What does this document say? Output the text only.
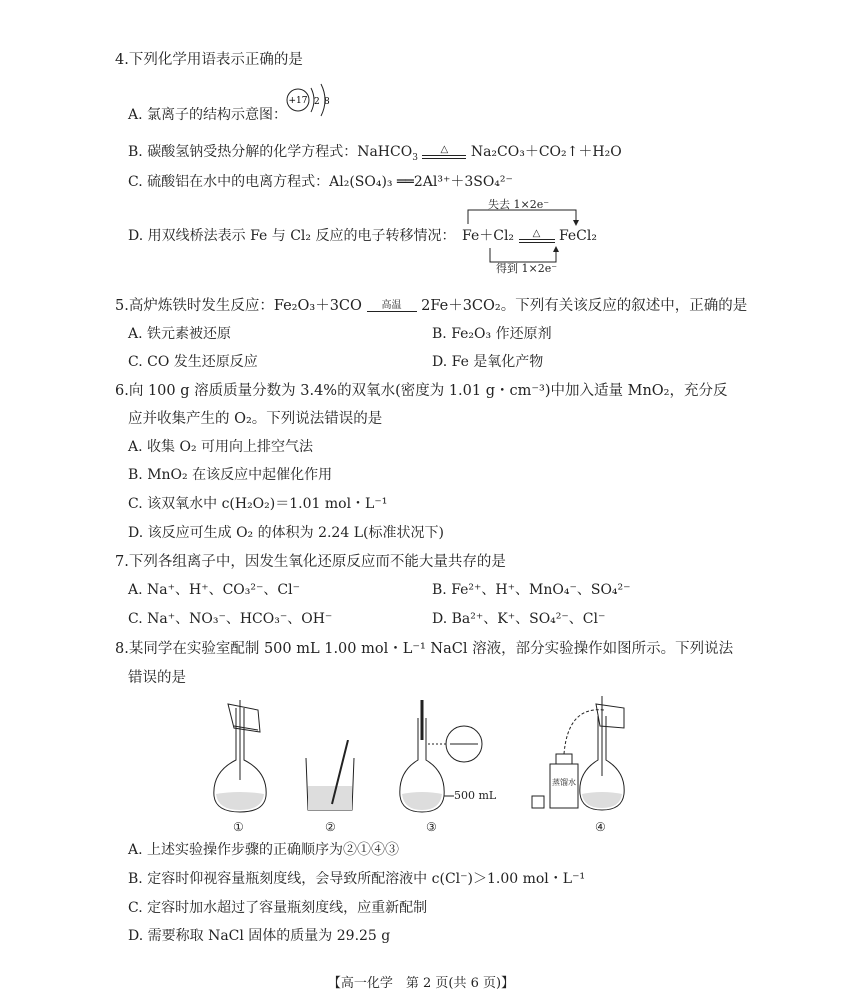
4.下列化学用语表示正确的是
A. 氯离子的结构示意图：
+17 2 8
B. 碳酸氢钠受热分解的化学方程式：NaHCO$_3$
△	Na₂CO₃＋CO₂↑＋H₂O
C. 硫酸铝在水中的电离方程式：Al₂(SO₄)₃ ══2Al³⁺＋3SO₄²⁻
D. 用双线桥法表示 Fe 与 Cl₂ 反应的电子转移情况： Fe＋Cl₂	△	FeCl₂
失去 1×2e⁻
得到 1×2e⁻
5.高炉炼铁时发生反应：Fe₂O₃＋3CO	高温	2Fe＋3CO₂。下列有关该反应的叙述中，正确的是
A. 铁元素被还原	B. Fe₂O₃ 作还原剂
C. CO 发生还原反应	D. Fe 是氧化产物
6.向 100 g 溶质质量分数为 3.4%的双氧水(密度为 1.01 g・cm⁻³)中加入适量 MnO₂，充分反
应并收集产生的 O₂。下列说法错误的是
A. 收集 O₂ 可用向上排空气法
B. MnO₂ 在该反应中起催化作用
C. 该双氧水中 c(H₂O₂)＝1.01 mol・L⁻¹
D. 该反应可生成 O₂ 的体积为 2.24 L(标准状况下)
7.下列各组离子中，因发生氧化还原反应而不能大量共存的是
A. Na⁺、H⁺、CO₃²⁻、Cl⁻	B. Fe²⁺、H⁺、MnO₄⁻、SO₄²⁻
C. Na⁺、NO₃⁻、HCO₃⁻、OH⁻	D. Ba²⁺、K⁺、SO₄²⁻、Cl⁻
8.某同学在实验室配制 500 mL 1.00 mol・L⁻¹ NaCl 溶液，部分实验操作如图所示。下列说法
错误的是
①	②
500 mL
③
蒸馏水
④
A. 上述实验操作步骤的正确顺序为②①④③
B. 定容时仰视容量瓶刻度线，会导致所配溶液中 c(Cl⁻)＞1.00 mol・L⁻¹
C. 定容时加水超过了容量瓶刻度线，应重新配制
D. 需要称取 NaCl 固体的质量为 29.25 g
【高一化学　第 2 页(共 6 页)】
